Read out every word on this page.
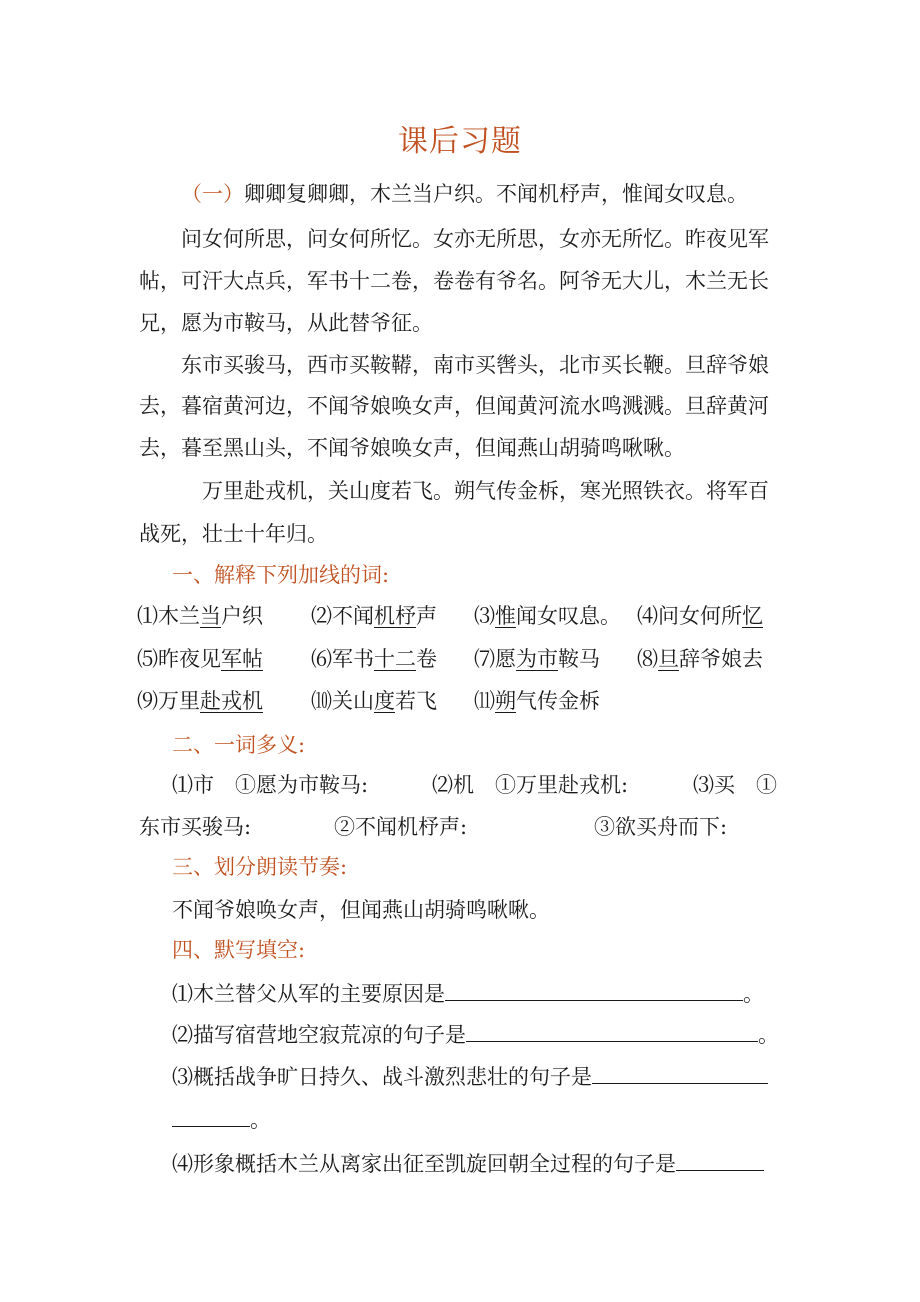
课后习题
（一）卿卿复卿卿，木兰当户织。不闻机杼声，惟闻女叹息。
问女何所思，问女何所忆。女亦无所思，女亦无所忆。昨夜见军
帖，可汗大点兵，军书十二卷，卷卷有爷名。阿爷无大儿，木兰无长
兄，愿为市鞍马，从此替爷征。
东市买骏马，西市买鞍鞯，南市买辔头，北市买长鞭。旦辞爷娘
去，暮宿黄河边，不闻爷娘唤女声，但闻黄河流水鸣溅溅。旦辞黄河
去，暮至黑山头，不闻爷娘唤女声，但闻燕山胡骑鸣啾啾。
万里赴戎机，关山度若飞。朔气传金柝，寒光照铁衣。将军百
战死，壮士十年归。
一、解释下列加线的词:
⑴木兰当户织 ⑵不闻机杼声 ⑶惟闻女叹息。 ⑷问女何所忆
⑸昨夜见军帖 ⑹军书十二卷 ⑺愿为市鞍马 ⑻旦辞爷娘去
⑼万里赴戎机 ⑽关山度若飞 ⑾朔气传金柝
二、一词多义:
⑴市　①愿为市鞍马:	⑵机　①万里赴戎机:	⑶买　①
东市买骏马:	②不闻机杼声:	③欲买舟而下:
三、划分朗读节奏:
不闻爷娘唤女声，但闻燕山胡骑鸣啾啾。
四、默写填空:
⑴木兰替父从军的主要原因是	。
⑵描写宿营地空寂荒凉的句子是	。
⑶概括战争旷日持久、战斗激烈悲壮的句子是
。
⑷形象概括木兰从离家出征至凯旋回朝全过程的句子是
